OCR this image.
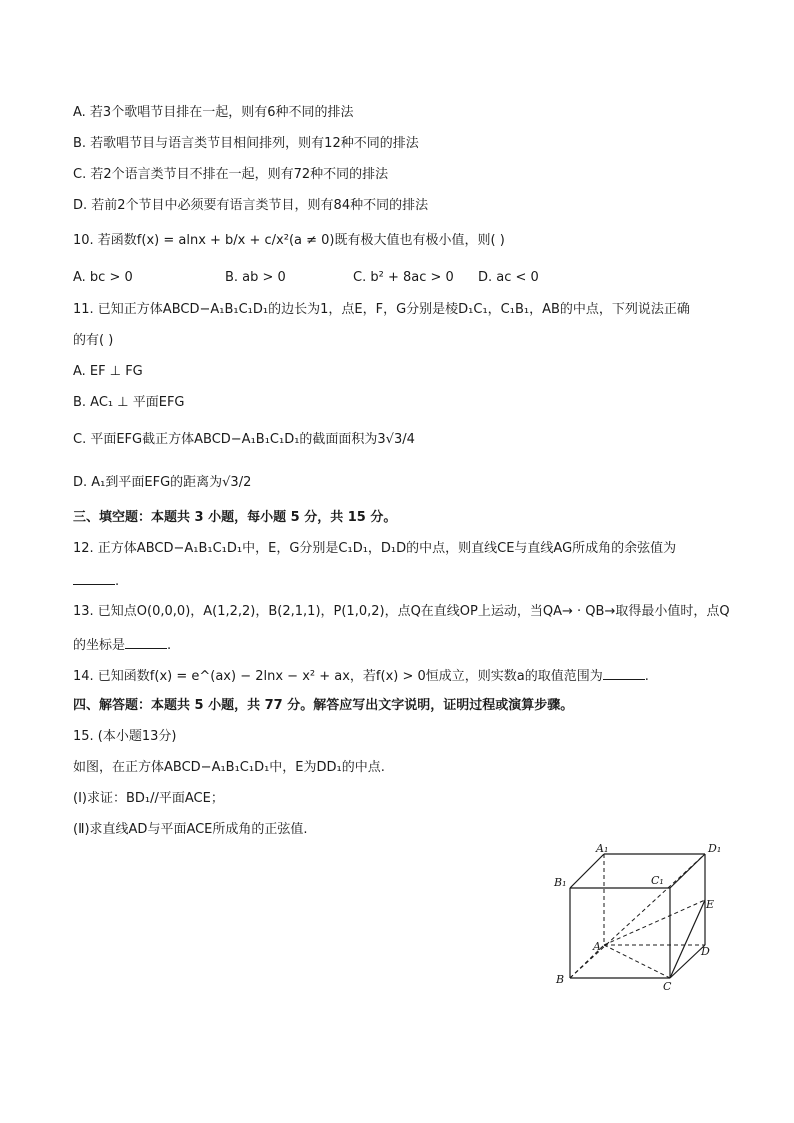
A. 若3个歌唱节目排在一起，则有6种不同的排法
B. 若歌唱节目与语言类节目相间排列，则有12种不同的排法
C. 若2个语言类节目不排在一起，则有72种不同的排法
D. 若前2个节目中必须要有语言类节目，则有84种不同的排法
10. 若函数f(x) = alnx + b/x + c/x²(a ≠ 0)既有极大值也有极小值，则( )
A. bc > 0	B. ab > 0	C. b² + 8ac > 0 D. ac < 0
11. 已知正方体ABCD−A₁B₁C₁D₁的边长为1，点E，F，G分别是棱D₁C₁，C₁B₁，AB的中点，下列说法正确
的有( )
A. EF ⊥ FG
B. AC₁ ⊥ 平面EFG
C. 平面EFG截正方体ABCD−A₁B₁C₁D₁的截面面积为3√3/4
D. A₁到平面EFG的距离为√3/2
三、填空题：本题共 3 小题，每小题 5 分，共 15 分。
12. 正方体ABCD−A₁B₁C₁D₁中，E，G分别是C₁D₁，D₁D的中点，则直线CE与直线AG所成角的余弦值为
.
13. 已知点O(0,0,0)，A(1,2,2)，B(2,1,1)，P(1,0,2)，点Q在直线OP上运动，当QA→ · QB→取得最小值时，点Q
的坐标是	.
14. 已知函数f(x) = e^(ax) − 2lnx − x² + ax，若f(x) > 0恒成立，则实数a的取值范围为	.
四、解答题：本题共 5 小题，共 77 分。解答应写出文字说明，证明过程或演算步骤。
15. (本小题13分)
如图，在正方体ABCD−A₁B₁C₁D₁中，E为DD₁的中点.
(Ⅰ)求证：BD₁//平面ACE；
(Ⅱ)求直线AD与平面ACE所成角的正弦值.
A₁	D₁
B₁	C₁
E
A	D
B
C
